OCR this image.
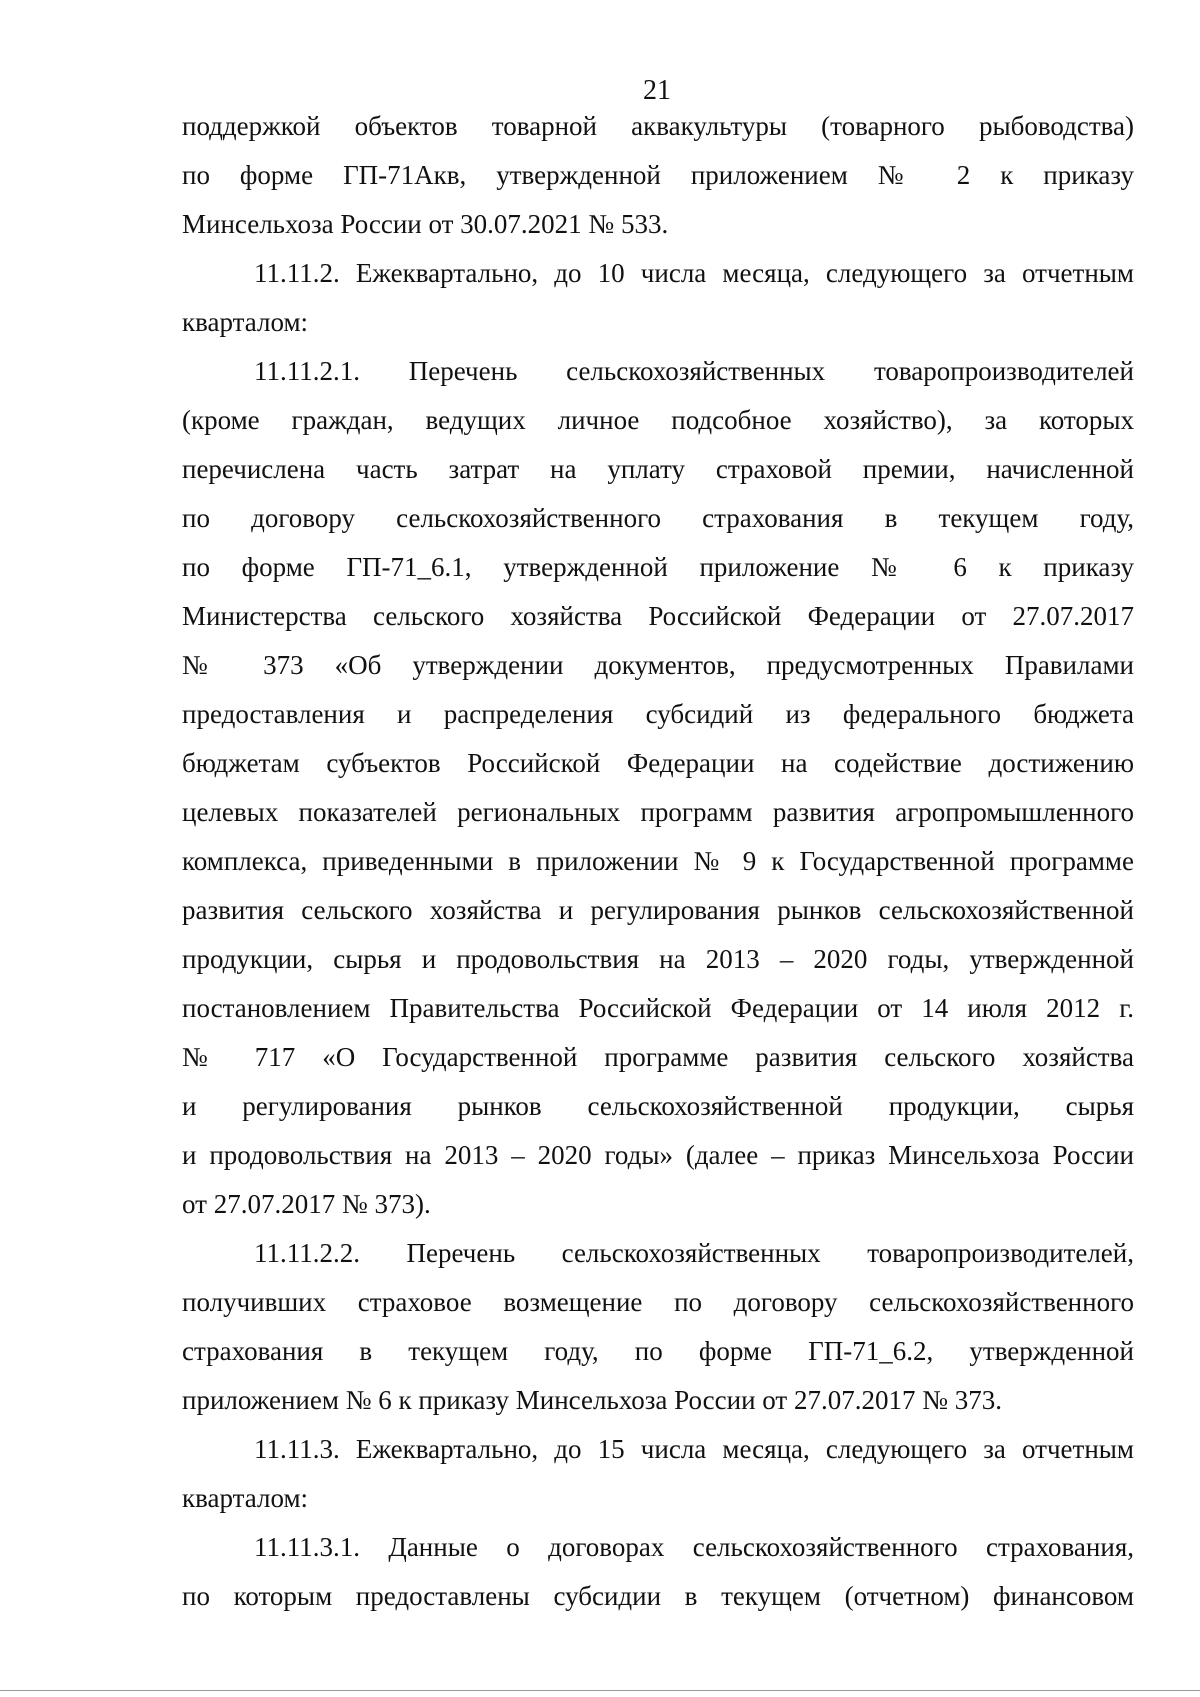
21
поддержкой объектов товарной аквакультуры (товарного рыбоводства)
по форме ГП-71Акв, утвержденной приложением № 2 к приказу
Минсельхоза России от 30.07.2021 № 533.
11.11.2. Ежеквартально, до 10 числа месяца, следующего за отчетным
кварталом:
11.11.2.1. Перечень сельскохозяйственных товаропроизводителей
(кроме граждан, ведущих личное подсобное хозяйство), за которых
перечислена часть затрат на уплату страховой премии, начисленной
по договору сельскохозяйственного страхования в текущем году,
по форме ГП-71_6.1, утвержденной приложение № 6 к приказу
Министерства сельского хозяйства Российской Федерации от 27.07.2017
№ 373 «Об утверждении документов, предусмотренных Правилами
предоставления и распределения субсидий из федерального бюджета
бюджетам субъектов Российской Федерации на содействие достижению
целевых показателей региональных программ развития агропромышленного
комплекса, приведенными в приложении № 9 к Государственной программе
развития сельского хозяйства и регулирования рынков сельскохозяйственной
продукции, сырья и продовольствия на 2013 – 2020 годы, утвержденной
постановлением Правительства Российской Федерации от 14 июля 2012 г.
№ 717 «О Государственной программе развития сельского хозяйства
и регулирования рынков сельскохозяйственной продукции, сырья
и продовольствия на 2013 – 2020 годы» (далее – приказ Минсельхоза России
от 27.07.2017 № 373).
11.11.2.2. Перечень сельскохозяйственных товаропроизводителей,
получивших страховое возмещение по договору сельскохозяйственного
страхования в текущем году, по форме ГП-71_6.2, утвержденной
приложением № 6 к приказу Минсельхоза России от 27.07.2017 № 373.
11.11.3. Ежеквартально, до 15 числа месяца, следующего за отчетным
кварталом:
11.11.3.1. Данные о договорах сельскохозяйственного страхования,
по которым предоставлены субсидии в текущем (отчетном) финансовом
